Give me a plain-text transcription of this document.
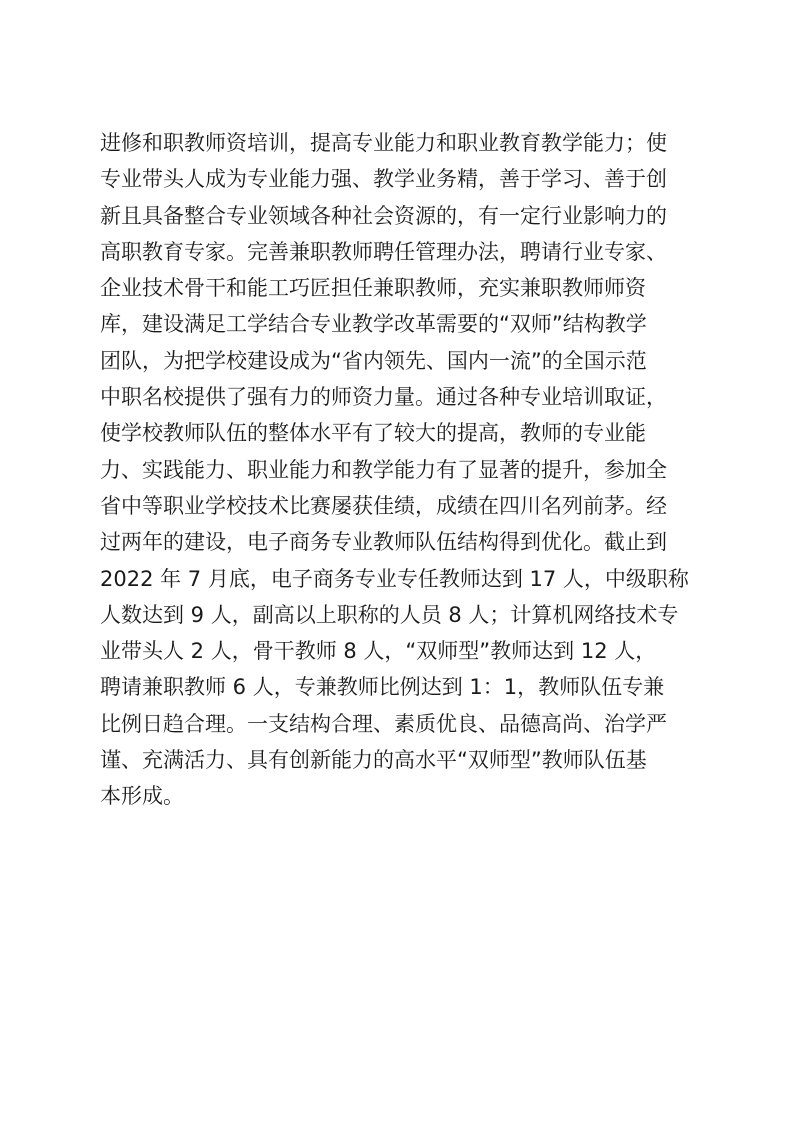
进修和职教师资培训，提高专业能力和职业教育教学能力；使
专业带头人成为专业能力强、教学业务精，善于学习、善于创
新且具备整合专业领域各种社会资源的，有一定行业影响力的
高职教育专家。完善兼职教师聘任管理办法，聘请行业专家、
企业技术骨干和能工巧匠担任兼职教师，充实兼职教师师资
库，建设满足工学结合专业教学改革需要的“双师”结构教学
团队，为把学校建设成为“省内领先、国内一流”的全国示范
中职名校提供了强有力的师资力量。通过各种专业培训取证，
使学校教师队伍的整体水平有了较大的提高，教师的专业能
力、实践能力、职业能力和教学能力有了显著的提升，参加全
省中等职业学校技术比赛屡获佳绩，成绩在四川名列前茅。经
过两年的建设，电子商务专业教师队伍结构得到优化。截止到
2022 年 7 月底，电子商务专业专任教师达到 17 人，中级职称
人数达到 9 人，副高以上职称的人员 8 人；计算机网络技术专
业带头人 2 人，骨干教师 8 人，“双师型”教师达到 12 人，
聘请兼职教师 6 人，专兼教师比例达到 1：1，教师队伍专兼
比例日趋合理。一支结构合理、素质优良、品德高尚、治学严
谨、充满活力、具有创新能力的高水平“双师型”教师队伍基
本形成。
